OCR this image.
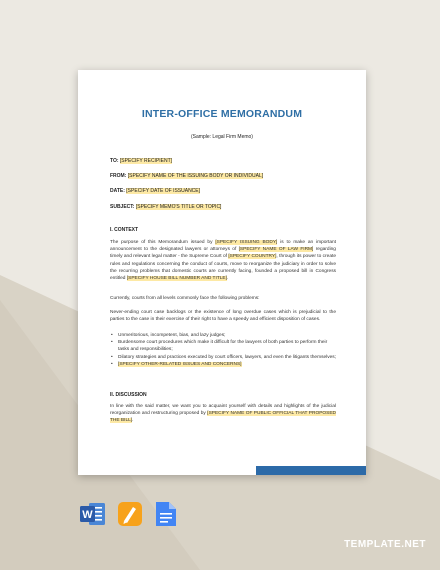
INTER-OFFICE MEMORANDUM
(Sample: Legal Firm Memo)
TO: [SPECIFY RECIPIENT]
FROM: [SPECIFY NAME OF THE ISSUING BODY OR INDIVIDUAL]
DATE: [SPECIFY DATE OF ISSUANCE]
SUBJECT: [SPECIFY MEMO'S TITLE OR TOPIC]
I. CONTEXT
The purpose of this Memorandum issued by [SPECIFY ISSUING BODY] is to make an important announcement to the designated lawyers or attorneys of [SPECIFY NAME OF LAW FIRM] regarding timely and relevant legal matter - the Supreme Court of [SPECIFY COUNTRY], through its power to create rules and regulations concerning the conduct of courts, move to reorganize the judiciary in order to solve the recurring problems that domestic courts are currently facing, founded a proposed bill in Congress entitled [SPECIFY HOUSE BILL NUMBER AND TITLE].
Currently, courts from all levels commonly face the following problems:
Never-ending court case backlogs or the existence of long overdue cases which is prejudicial to the parties to the case in their exercise of their right to have a speedy and efficient disposition of cases.
• Unmeritorious, incompetent, bias, and lazy judges;
• Burdensome court procedures which make it difficult for the lawyers of both parties to perform their tasks and responsibilities;
• Dilatory strategies and practices executed by court officers, lawyers, and even the litigants themselves;
• [SPECIFY OTHER-RELATED ISSUES AND CONCERNS]
II. DISCUSSION
In line with the said matter, we want you to acquaint yourself with details and highlights of the judicial reorganization and restructuring proposed by [SPECIFY NAME OF PUBLIC OFFICIAL THAT PROPOSED THE BILL].
W
TEMPLATE.NET
